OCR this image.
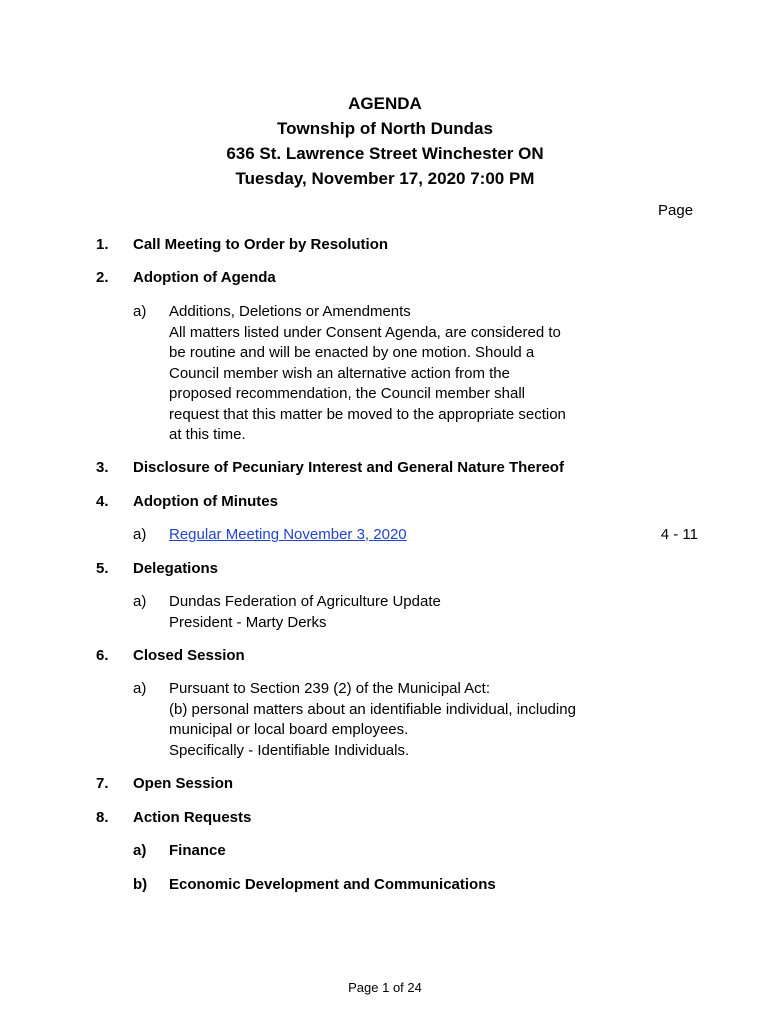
AGENDA
Township of North Dundas
636 St. Lawrence Street Winchester ON
Tuesday, November 17, 2020 7:00 PM
Page
1. Call Meeting to Order by Resolution
2. Adoption of Agenda
a) Additions, Deletions or Amendments
All matters listed under Consent Agenda, are considered to
be routine and will be enacted by one motion. Should a
Council member wish an alternative action from the
proposed recommendation, the Council member shall
request that this matter be moved to the appropriate section
at this time.
3. Disclosure of Pecuniary Interest and General Nature Thereof
4. Adoption of Minutes
a) Regular Meeting November 3, 2020	4 - 11
5. Delegations
a) Dundas Federation of Agriculture Update
President - Marty Derks
6. Closed Session
a) Pursuant to Section 239 (2) of the Municipal Act:
(b) personal matters about an identifiable individual, including
municipal or local board employees.
Specifically - Identifiable Individuals.
7. Open Session
8. Action Requests
a) Finance
b) Economic Development and Communications
Page 1 of 24
